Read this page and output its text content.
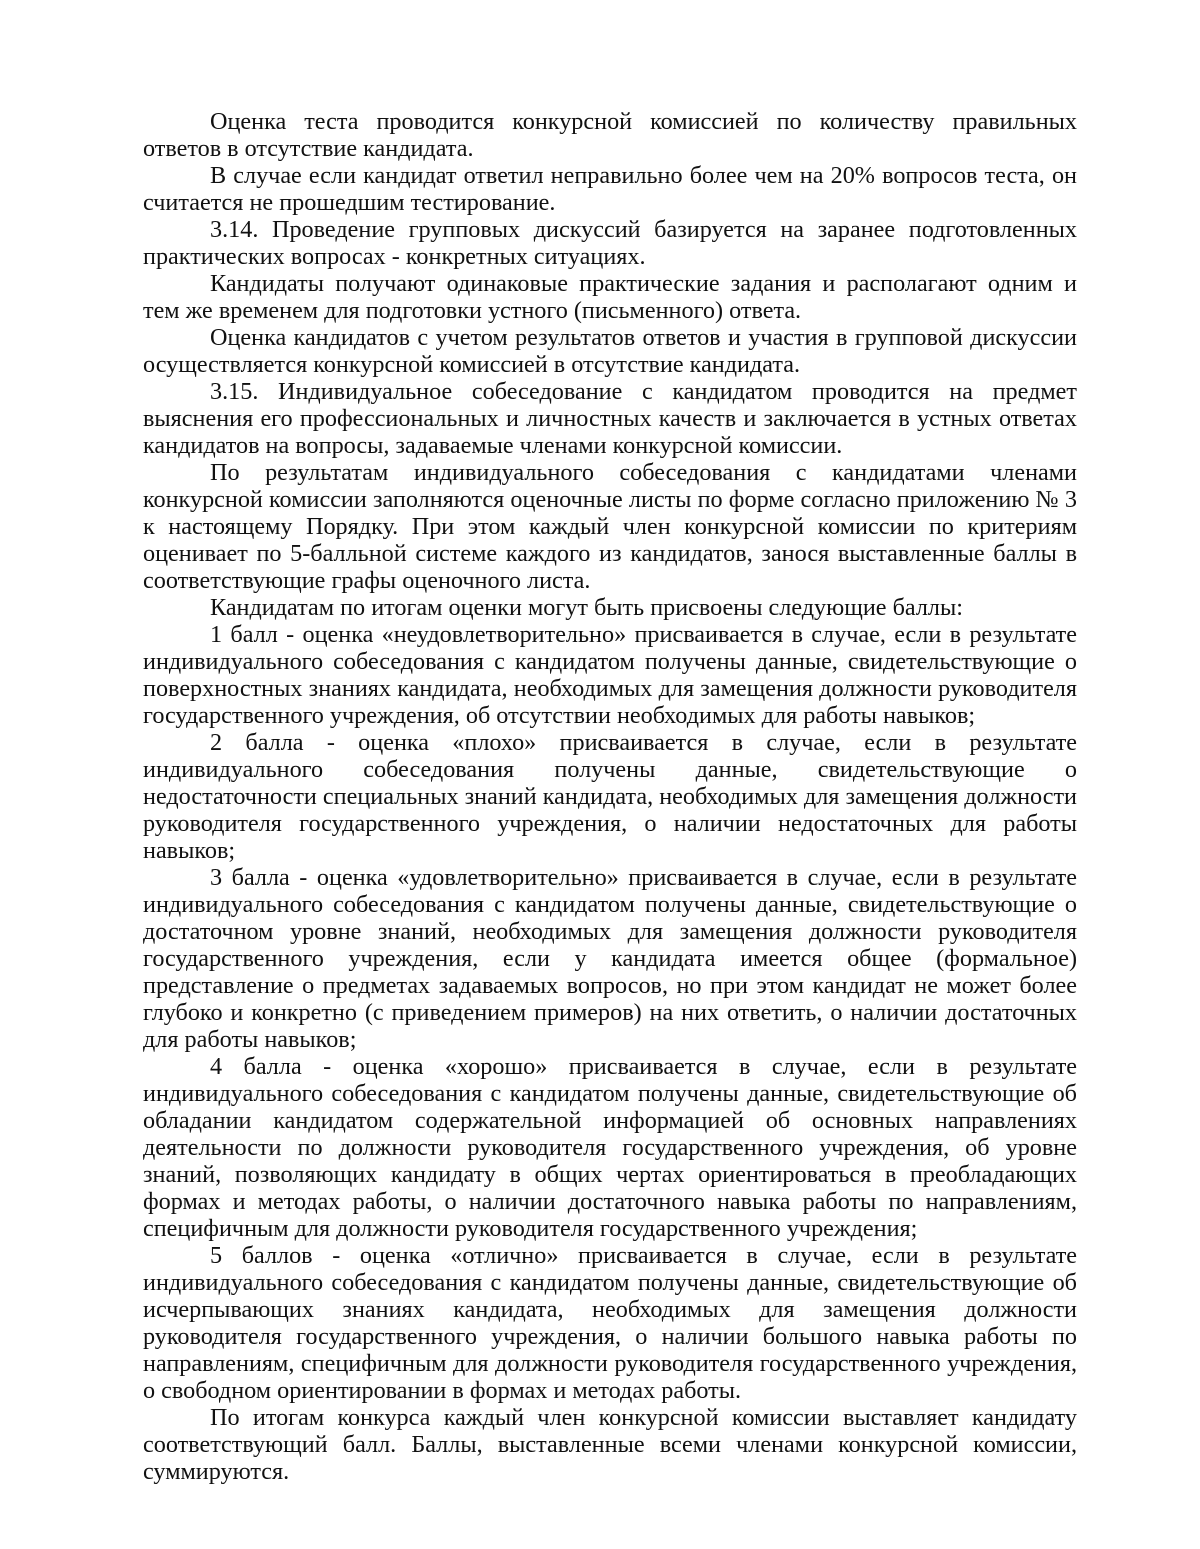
Оценка теста проводится конкурсной комиссией по количеству правильных ответов в отсутствие кандидата.

В случае если кандидат ответил неправильно более чем на 20% вопросов теста, он считается не прошедшим тестирование.

3.14. Проведение групповых дискуссий базируется на заранее подготовленных практических вопросах - конкретных ситуациях.

Кандидаты получают одинаковые практические задания и располагают одним и тем же временем для подготовки устного (письменного) ответа.

Оценка кандидатов с учетом результатов ответов и участия в групповой дискуссии осуществляется конкурсной комиссией в отсутствие кандидата.

3.15. Индивидуальное собеседование с кандидатом проводится на предмет выяснения его профессиональных и личностных качеств и заключается в устных ответах кандидатов на вопросы, задаваемые членами конкурсной комиссии.

По результатам индивидуального собеседования с кандидатами членами конкурсной комиссии заполняются оценочные листы по форме согласно приложению № 3 к настоящему Порядку. При этом каждый член конкурсной комиссии по критериям оценивает по 5-балльной системе каждого из кандидатов, занося выставленные баллы в соответствующие графы оценочного листа.

Кандидатам по итогам оценки могут быть присвоены следующие баллы:

1 балл - оценка «неудовлетворительно» присваивается в случае, если в результате индивидуального собеседования с кандидатом получены данные, свидетельствующие о поверхностных знаниях кандидата, необходимых для замещения должности руководителя государственного учреждения, об отсутствии необходимых для работы навыков;

2 балла - оценка «плохо» присваивается в случае, если в результате индивидуального собеседования получены данные, свидетельствующие о недостаточности специальных знаний кандидата, необходимых для замещения должности руководителя государственного учреждения, о наличии недостаточных для работы навыков;

3 балла - оценка «удовлетворительно» присваивается в случае, если в результате индивидуального собеседования с кандидатом получены данные, свидетельствующие о достаточном уровне знаний, необходимых для замещения должности руководителя государственного учреждения, если у кандидата имеется общее (формальное) представление о предметах задаваемых вопросов, но при этом кандидат не может более глубоко и конкретно (с приведением примеров) на них ответить, о наличии достаточных для работы навыков;

4 балла - оценка «хорошо» присваивается в случае, если в результате индивидуального собеседования с кандидатом получены данные, свидетельствующие об обладании кандидатом содержательной информацией об основных направлениях деятельности по должности руководителя государственного учреждения, об уровне знаний, позволяющих кандидату в общих чертах ориентироваться в преобладающих формах и методах работы, о наличии достаточного навыка работы по направлениям, специфичным для должности руководителя государственного учреждения;

5 баллов - оценка «отлично» присваивается в случае, если в результате индивидуального собеседования с кандидатом получены данные, свидетельствующие об исчерпывающих знаниях кандидата, необходимых для замещения должности руководителя государственного учреждения, о наличии большого навыка работы по направлениям, специфичным для должности руководителя государственного учреждения, о свободном ориентировании в формах и методах работы.

По итогам конкурса каждый член конкурсной комиссии выставляет кандидату соответствующий балл. Баллы, выставленные всеми членами конкурсной комиссии, суммируются.
